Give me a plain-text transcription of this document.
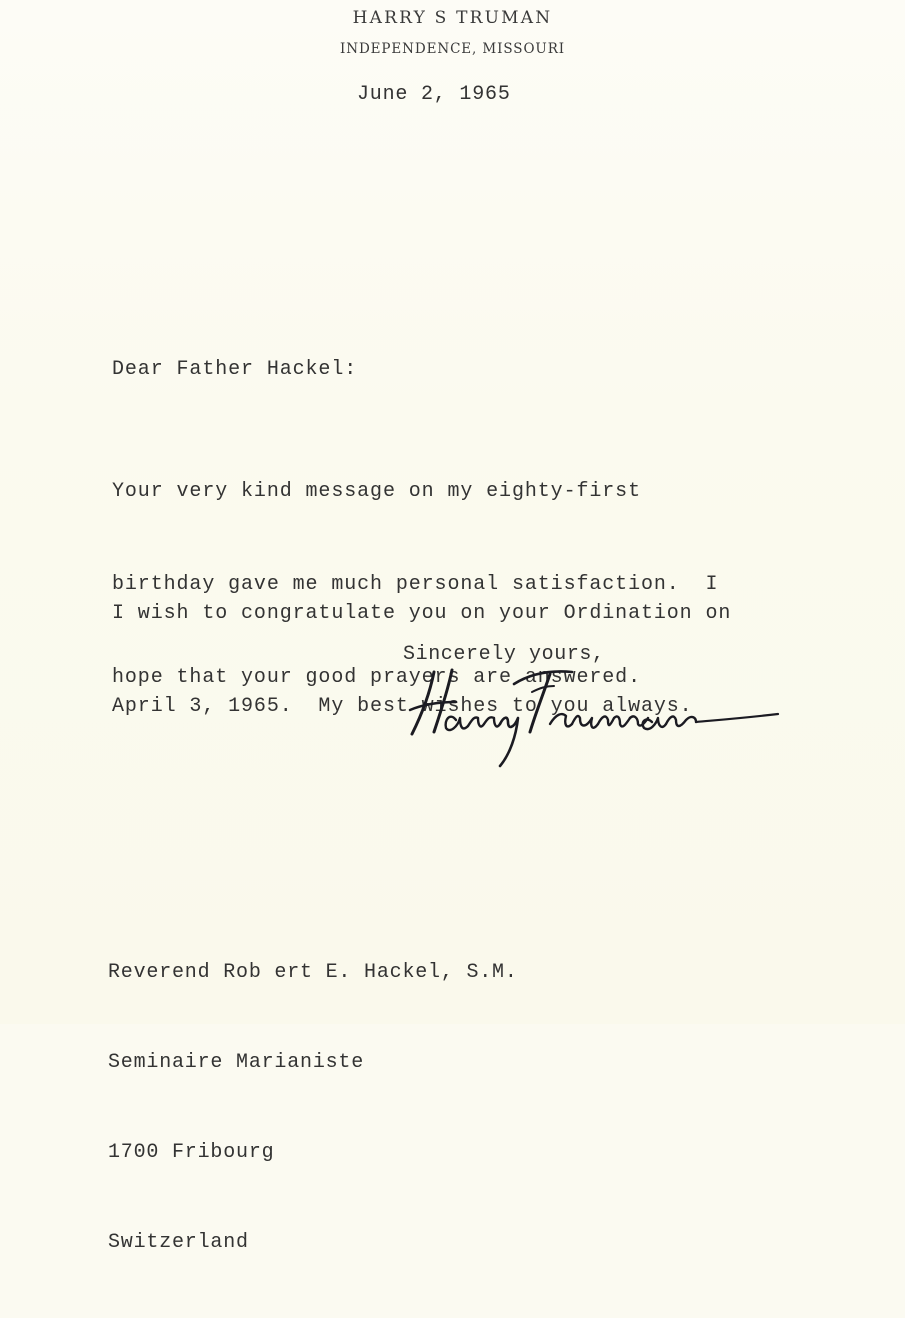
HARRY S TRUMAN
INDEPENDENCE, MISSOURI
June 2, 1965
Dear Father Hackel:

Your very kind message on my eighty-first

birthday gave me much personal satisfaction.  I

hope that your good prayers are answered.

I wish to congratulate you on your Ordination on

April 3, 1965.  My best wishes to you always.

Sincerely yours,

Reverend Rob ert E. Hackel, S.M.

Seminaire Marianiste

1700 Fribourg

Switzerland
